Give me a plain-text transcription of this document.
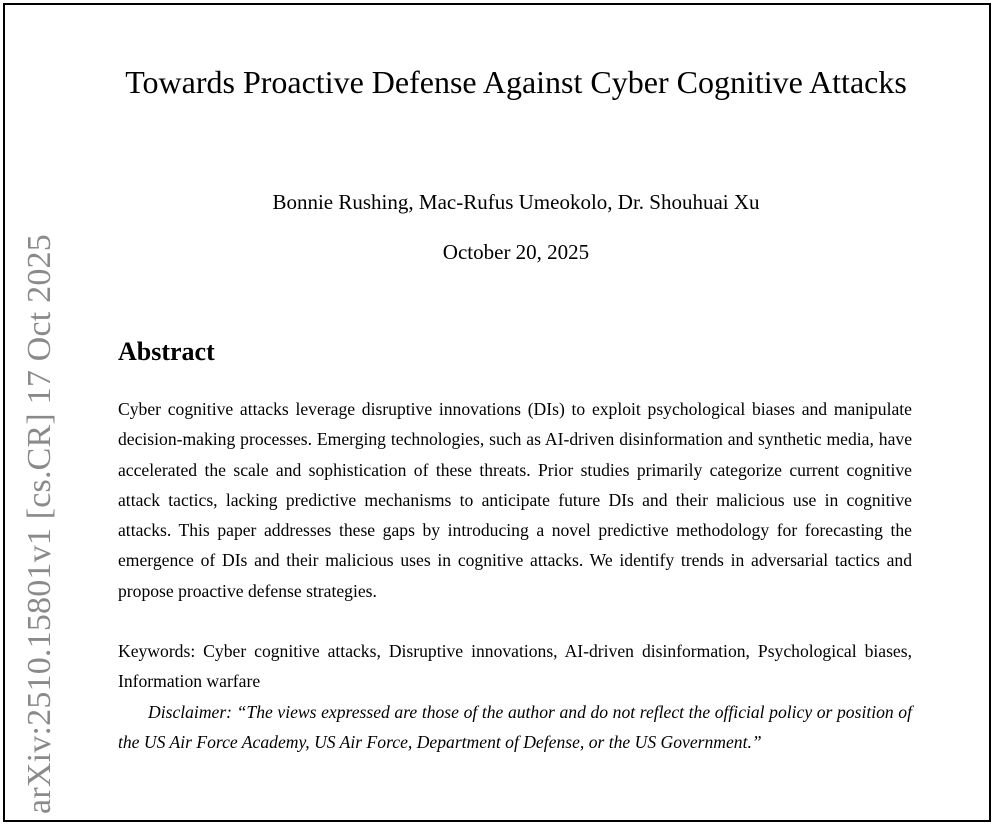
arXiv:2510.15801v1 [cs.CR] 17 Oct 2025
Towards Proactive Defense Against Cyber Cognitive Attacks
Bonnie Rushing, Mac-Rufus Umeokolo, Dr. Shouhuai Xu
October 20, 2025
Abstract

Cyber cognitive attacks leverage disruptive innovations (DIs) to exploit psychological biases and manipulate decision-making processes. Emerging technologies, such as AI-driven disinformation and synthetic media, have accelerated the scale and sophistication of these threats. Prior studies primarily categorize current cognitive attack tactics, lacking predictive mechanisms to anticipate future DIs and their malicious use in cognitive attacks. This paper addresses these gaps by introducing a novel predictive methodology for forecasting the emergence of DIs and their malicious uses in cognitive attacks. We identify trends in adversarial tactics and propose proactive defense strategies.

Keywords: Cyber cognitive attacks, Disruptive innovations, AI-driven disinformation, Psychological biases, Information warfare

Disclaimer: “The views expressed are those of the author and do not reflect the official policy or position of the US Air Force Academy, US Air Force, Department of Defense, or the US Government.”
